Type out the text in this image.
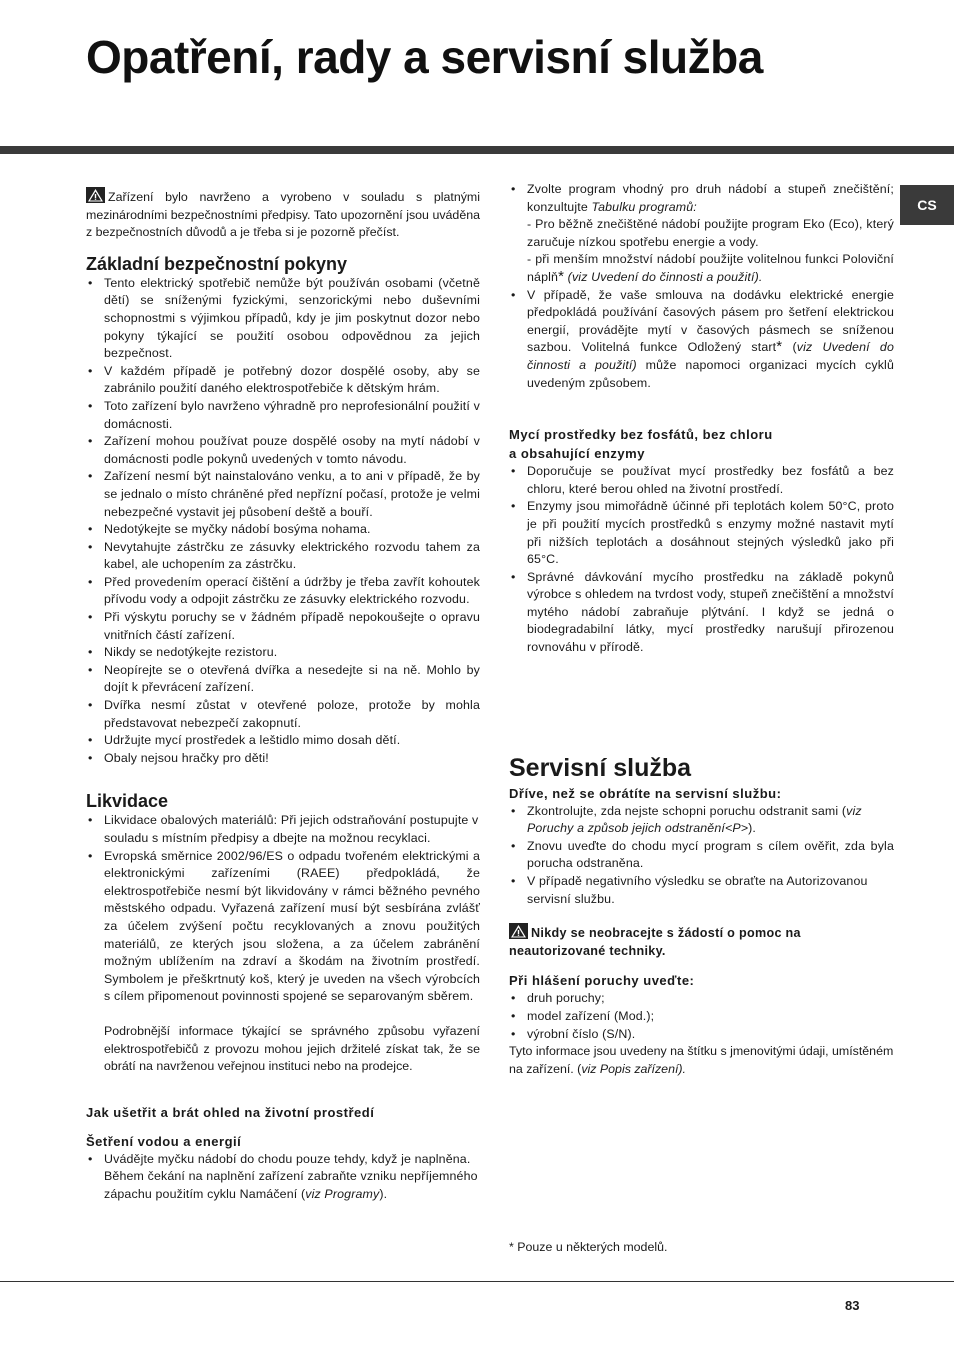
Opatření, rady a servisní služba
CS

Zařízení bylo navrženo a vyrobeno v souladu s platnými mezinárodními bezpečnostními předpisy. Tato upozornění jsou uváděna z bezpečnostních důvodů a je třeba si je pozorně přečíst.

Základní bezpečnostní pokyny
• Tento elektrický spotřebič nemůže být používán osobami (včetně dětí) se sníženými fyzickými, senzorickými nebo duševními schopnostmi s výjimkou případů, kdy je jim poskytnut dozor nebo pokyny týkající se použití osobou odpovědnou za jejich bezpečnost.
• V každém případě je potřebný dozor dospělé osoby, aby se zabránilo použití daného elektrospotřebiče k dětským hrám.
• Toto zařízení bylo navrženo výhradně pro neprofesionální použití v domácnosti.
• Zařízení mohou používat pouze dospělé osoby na mytí nádobí v domácnosti podle pokynů uvedených v tomto návodu.
• Zařízení nesmí být nainstalováno venku, a to ani v případě, že by se jednalo o místo chráněné před nepřízní počasí, protože je velmi nebezpečné vystavit jej působení deště a bouří.
• Nedotýkejte se myčky nádobí bosýma nohama.
• Nevytahujte zástrčku ze zásuvky elektrického rozvodu tahem za kabel, ale uchopením za zástrčku.
• Před provedením operací čištění a údržby je třeba zavřít kohoutek přívodu vody a odpojit zástrčku ze zásuvky elektrického rozvodu.
• Při výskytu poruchy se v žádném případě nepokoušejte o opravu vnitřních částí zařízení.
• Nikdy se nedotýkejte rezistoru.
• Neopírejte se o otevřená dvířka a nesedejte si na ně. Mohlo by dojít k převrácení zařízení.
• Dvířka nesmí zůstat v otevřené poloze, protože by mohla představovat nebezpečí zakopnutí.
• Udržujte mycí prostředek a leštidlo mimo dosah dětí.
• Obaly nejsou hračky pro děti!
Likvidace
• Likvidace obalových materiálů: Při jejich odstraňování postupujte v souladu s místním předpisy a dbejte na možnou recyklaci.
• Evropská směrnice 2002/96/ES o odpadu tvořeném elektrickými a elektronickými zařízeními (RAEE) předpokládá, že elektrospotřebiče nesmí být likvidovány v rámci běžného pevného městského odpadu. Vyřazená zařízení musí být sesbírána zvlášť za účelem zvýšení počtu recyklovaných a znovu použitých materiálů, ze kterých jsou složena, a za účelem zabránění možným ublížením na zdraví a škodám na životním prostředí. Symbolem je přeškrtnutý koš, který je uveden na všech výrobcích s cílem připomenout povinnosti spojené se separovaným sběrem.

Podrobnější informace týkající se správného způsobu vyřazení elektrospotřebičů z provozu mohou jejich držitelé získat tak, že se obrátí na navrženou veřejnou instituci nebo na prodejce.

Jak ušetřit a brát ohled na životní prostředí
Šetření vodou a energií
• Uvádějte myčku nádobí do chodu pouze tehdy, když je naplněna. Během čekání na naplnění zařízení zabraňte vzniku nepříjemného zápachu použitím cyklu Namáčení (viz Programy).
• Zvolte program vhodný pro druh nádobí a stupeň znečištění; konzultujte Tabulku programů:
- Pro běžně znečištěné nádobí použijte program Eko (Eco), který zaručuje nízkou spotřebu energie a vody.
- při menším množství nádobí použijte volitelnou funkci Poloviční náplň* (viz Uvedení do činnosti a použití).
• V případě, že vaše smlouva na dodávku elektrické energie předpokládá používání časových pásem pro šetření elektrickou energií, provádějte mytí v časových pásmech se sníženou sazbou. Volitelná funkce Odložený start* (viz Uvedení do činnosti a použití) může napomoci organizaci mycích cyklů uvedeným způsobem.
Mycí prostředky bez fosfátů, bez chloru
a obsahující enzymy
• Doporučuje se používat mycí prostředky bez fosfátů a bez chloru, které berou ohled na životní prostředí.
• Enzymy jsou mimořádně účinné při teplotách kolem 50°C, proto je při použití mycích prostředků s enzymy možné nastavit mytí při nižších teplotách a dosáhnout stejných výsledků jako při 65°C.
• Správné dávkování mycího prostředku na základě pokynů výrobce s ohledem na tvrdost vody, stupeň znečištění a množství mytého nádobí zabraňuje plýtvání. I když se jedná o biodegradabilní látky, mycí prostředky narušují přirozenou rovnováhu v přírodě.
Servisní služba
Dříve, než se obrátíte na servisní službu:
• Zkontrolujte, zda nejste schopni poruchu odstranit sami (viz Poruchy a způsob jejich odstranění<P>).
• Znovu uveďte do chodu mycí program s cílem ověřit, zda byla porucha odstraněna.
• V případě negativního výsledku se obraťte na Autorizovanou servisní službu.

Nikdy se neobracejte s žádostí o pomoc na neautorizované techniky.

Při hlášení poruchy uveďte:
• druh poruchy;
• model zařízení (Mod.);
• výrobní číslo (S/N).

Tyto informace jsou uvedeny na štítku s jmenovitými údaji, umístěném na zařízení. (viz Popis zařízení).

* Pouze u některých modelů.
83
